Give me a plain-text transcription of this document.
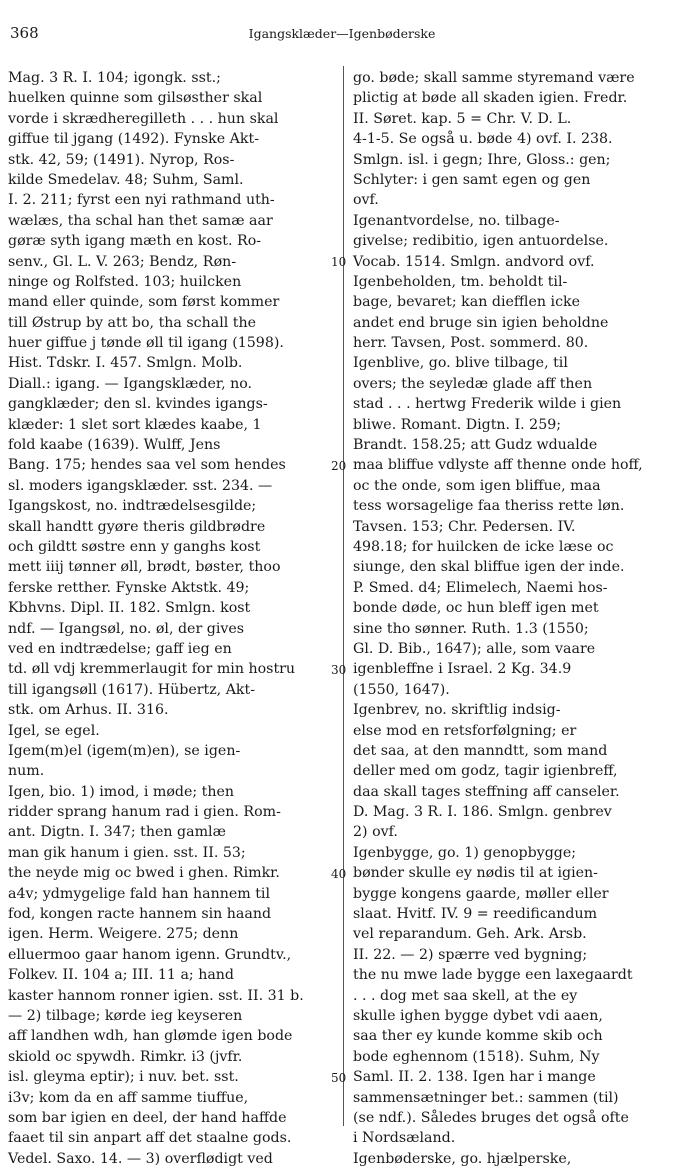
368	Igangsklæder—Igenbøderske
Mag. 3 R. I. 104; igongk. sst.;
huelken quinne som gilsøsther skal
vorde i skrædheregilleth . . . hun skal
giffue til jgang (1492). Fynske Akt-
stk. 42, 59; (1491). Nyrop, Ros-
kilde Smedelav. 48; Suhm, Saml.
I. 2. 211; fyrst een nyi rathmand uth-
wælæs, tha schal han thet samæ aar
gøræ syth igang mæth en kost. Ro-
senv., Gl. L. V. 263; Bendz, Røn-
ninge og Rolfsted. 103; huilcken
mand eller quinde, som først kommer
till Østrup by att bo, tha schall the
huer giffue j tønde øll til igang (1598).
Hist. Tdskr. I. 457. Smlgn. Molb.
Diall.: igang. — Igangsklæder, no.
gangklæder; den sl. kvindes igangs-
klæder: 1 slet sort klædes kaabe, 1
fold kaabe (1639). Wulff, Jens
Bang. 175; hendes saa vel som hendes
sl. moders igangsklæder. sst. 234. —
Igangskost, no. indtrædelsesgilde;
skall handtt gyøre theris gildbrødre
och gildtt søstre enn y ganghs kost
mett iiij tønner øll, brødt, bøster, thoo
ferske retther. Fynske Aktstk. 49;
Kbhvns. Dipl. II. 182. Smlgn. kost
ndf. — Igangsøl, no. øl, der gives
ved en indtrædelse; gaff ieg en
td. øll vdj kremmerlaugit for min hostru
till igangsøll (1617). Hübertz, Akt-
stk. om Arhus. II. 316.
Igel, se egel.
Igem(m)el (igem(m)en), se igen-
num.
Igen, bio. 1) imod, i møde; then
ridder sprang hanum rad i gien. Rom-
ant. Digtn. I. 347; then gamlæ
man gik hanum i gien. sst. II. 53;
the neyde mig oc bwed i ghen. Rimkr.
a4v; ydmygelige fald han hannem til
fod, kongen racte hannem sin haand
igen. Herm. Weigere. 275; denn
elluermoo gaar hanom igenn. Grundtv.,
Folkev. II. 104 a; III. 11 a; hand
kaster hannom ronner igien. sst. II. 31 b.
— 2) tilbage; kørde ieg keyseren
aff landhen wdh, han glømde igen bode
skiold oc spywdh. Rimkr. i3 (jvfr.
isl. gleyma eptir); i nuv. bet. sst.
i3v; kom da en aff samme tiuffue,
som bar igien en deel, der hand haffde
faaet til sin anpart aff det staalne gods.
Vedel. Saxo. 14. — 3) overflødigt ved
go. bøde; skall samme styremand være
plictig at bøde all skaden igien. Fredr.
II. Søret. kap. 5 = Chr. V. D. L.
4-1-5. Se også u. bøde 4) ovf. I. 238.
Smlgn. isl. i gegn; Ihre, Gloss.: gen;
Schlyter: i gen samt egen og gen
ovf.
Igenantvordelse, no. tilbage-
givelse; redibitio, igen antuordelse.
Vocab. 1514. Smlgn. andvord ovf.
Igenbeholden, tm. beholdt til-
bage, bevaret; kan diefflen icke
andet end bruge sin igien beholdne
herr. Tavsen, Post. sommerd. 80.
Igenblive, go. blive tilbage, til
overs; the seyledæ glade aff then
stad . . . hertwg Frederik wilde i gien
bliwe. Romant. Digtn. I. 259;
Brandt. 158.25; att Gudz wdualde
maa bliffue vdlyste aff thenne onde hoff,
oc the onde, som igen bliffue, maa
tess worsagelige faa theriss rette løn.
Tavsen. 153; Chr. Pedersen. IV.
498.18; for huilcken de icke læse oc
siunge, den skal bliffue igen der inde.
P. Smed. d4; Elimelech, Naemi hos-
bonde døde, oc hun bleff igen met
sine tho sønner. Ruth. 1.3 (1550;
Gl. D. Bib., 1647); alle, som vaare
igenbleffne i Israel. 2 Kg. 34.9
(1550, 1647).
Igenbrev, no. skriftlig indsig-
else mod en retsforfølgning; er
det saa, at den manndtt, som mand
deller med om godz, tagir igienbreff,
daa skall tages steffning aff canseler.
D. Mag. 3 R. I. 186. Smlgn. genbrev
2) ovf.
Igenbygge, go. 1) genopbygge;
bønder skulle ey nødis til at igien-
bygge kongens gaarde, møller eller
slaat. Hvitf. IV. 9 = reedificandum
vel reparandum. Geh. Ark. Arsb.
II. 22. — 2) spærre ved bygning;
the nu mwe lade bygge een laxegaardt
. . . dog met saa skell, at the ey
skulle ighen bygge dybet vdi aaen,
saa ther ey kunde komme skib och
bode eghennom (1518). Suhm, Ny
Saml. II. 2. 138. Igen har i mange
sammensætninger bet.: sammen (til)
(se ndf.). Således bruges det også ofte
i Nordsæland.
Igenbøderske, go. hjælperske,
10
20
30
40
50
